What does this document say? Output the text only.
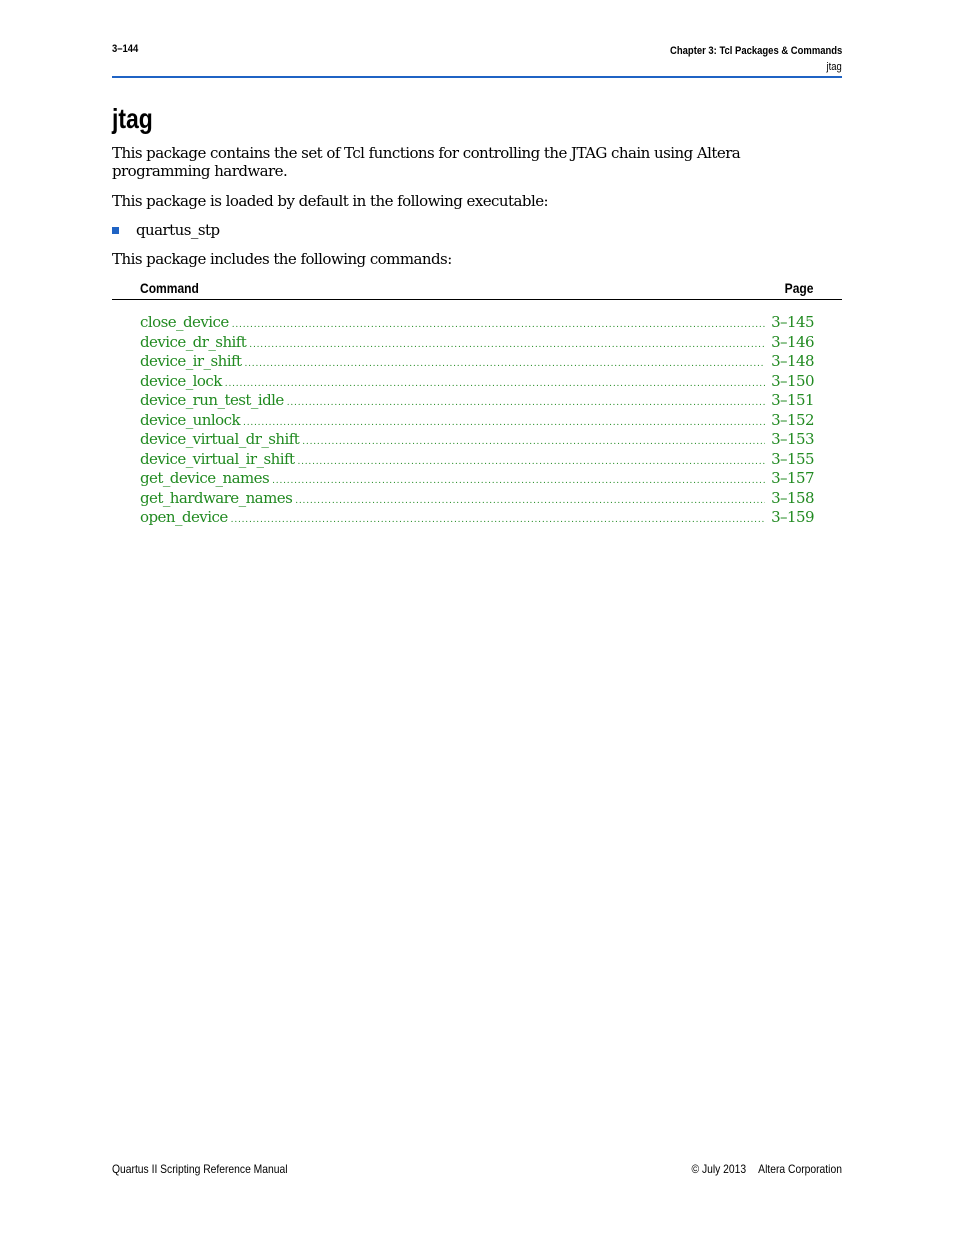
3–144	Chapter 3: Tcl Packages & Commands
jtag
jtag
This package contains the set of Tcl functions for controlling the JTAG chain using Altera programming hardware.
This package is loaded by default in the following executable:
quartus_stp
This package includes the following commands:
Command	Page
close_device .....	3–145
device_dr_shift .....	3–146
device_ir_shift .....	3–148
device_lock .....	3–150
device_run_test_idle .....	3–151
device_unlock .....	3–152
device_virtual_dr_shift .....	3–153
device_virtual_ir_shift .....	3–155
get_device_names .....	3–157
get_hardware_names .....	3–158
open_device .....	3–159
Quartus II Scripting Reference Manual	© July 2013 Altera Corporation
